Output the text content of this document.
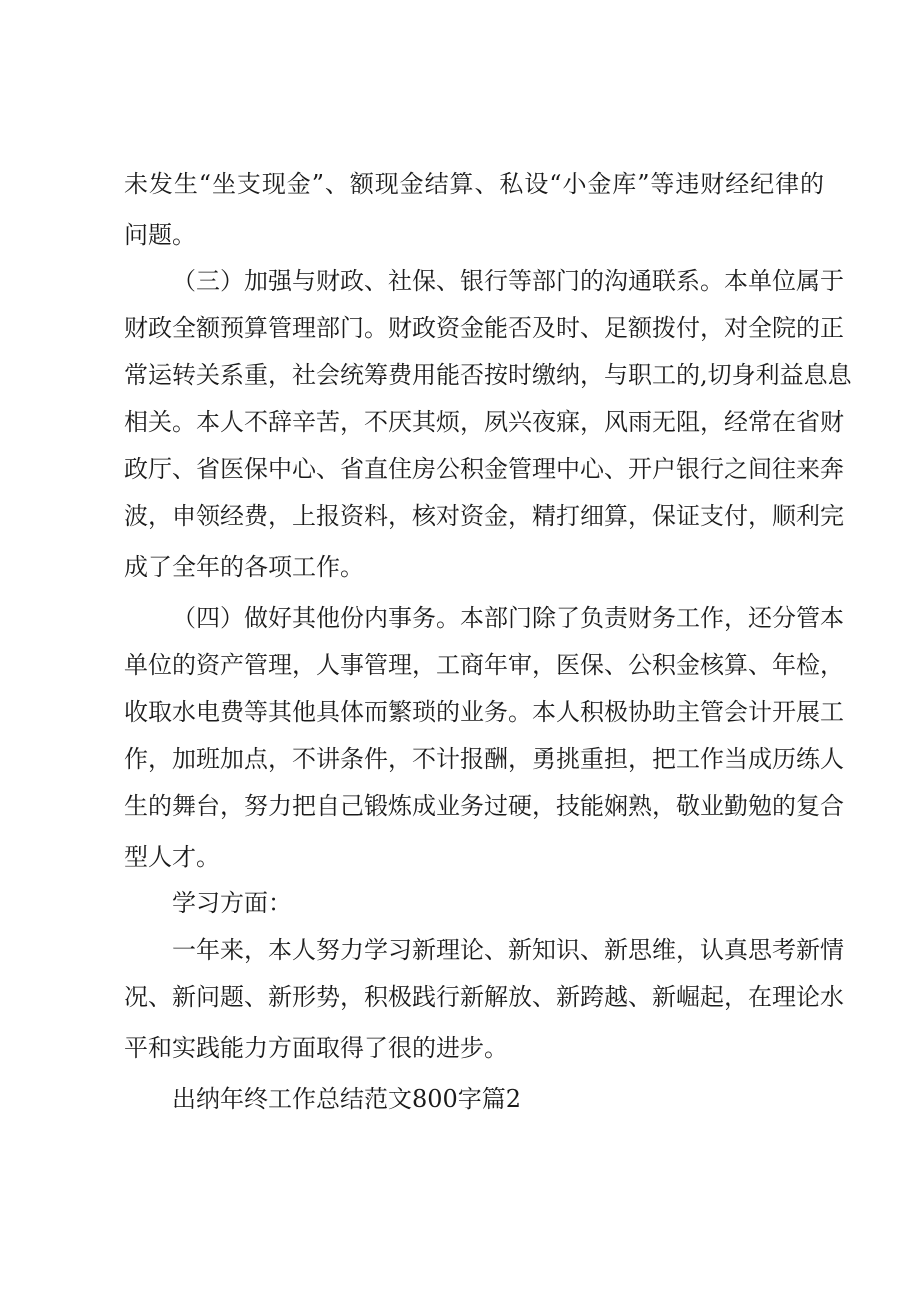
未发生“坐支现金”、额现金结算、私设“小金库”等违财经纪律的
问题。
（三）加强与财政、社保、银行等部门的沟通联系。本单位属于
财政全额预算管理部门。财政资金能否及时、足额拨付，对全院的正
常运转关系重，社会统筹费用能否按时缴纳，与职工的,切身利益息息
相关。本人不辞辛苦，不厌其烦，夙兴夜寐，风雨无阻，经常在省财
政厅、省医保中心、省直住房公积金管理中心、开户银行之间往来奔
波，申领经费，上报资料，核对资金，精打细算，保证支付，顺利完
成了全年的各项工作。
（四）做好其他份内事务。本部门除了负责财务工作，还分管本
单位的资产管理，人事管理，工商年审，医保、公积金核算、年检，
收取水电费等其他具体而繁琐的业务。本人积极协助主管会计开展工
作，加班加点，不讲条件，不计报酬，勇挑重担，把工作当成历练人
生的舞台，努力把自己锻炼成业务过硬，技能娴熟，敬业勤勉的复合
型人才。
学习方面：
一年来，本人努力学习新理论、新知识、新思维，认真思考新情
况、新问题、新形势，积极践行新解放、新跨越、新崛起，在理论水
平和实践能力方面取得了很的进步。
出纳年终工作总结范文800字篇2
